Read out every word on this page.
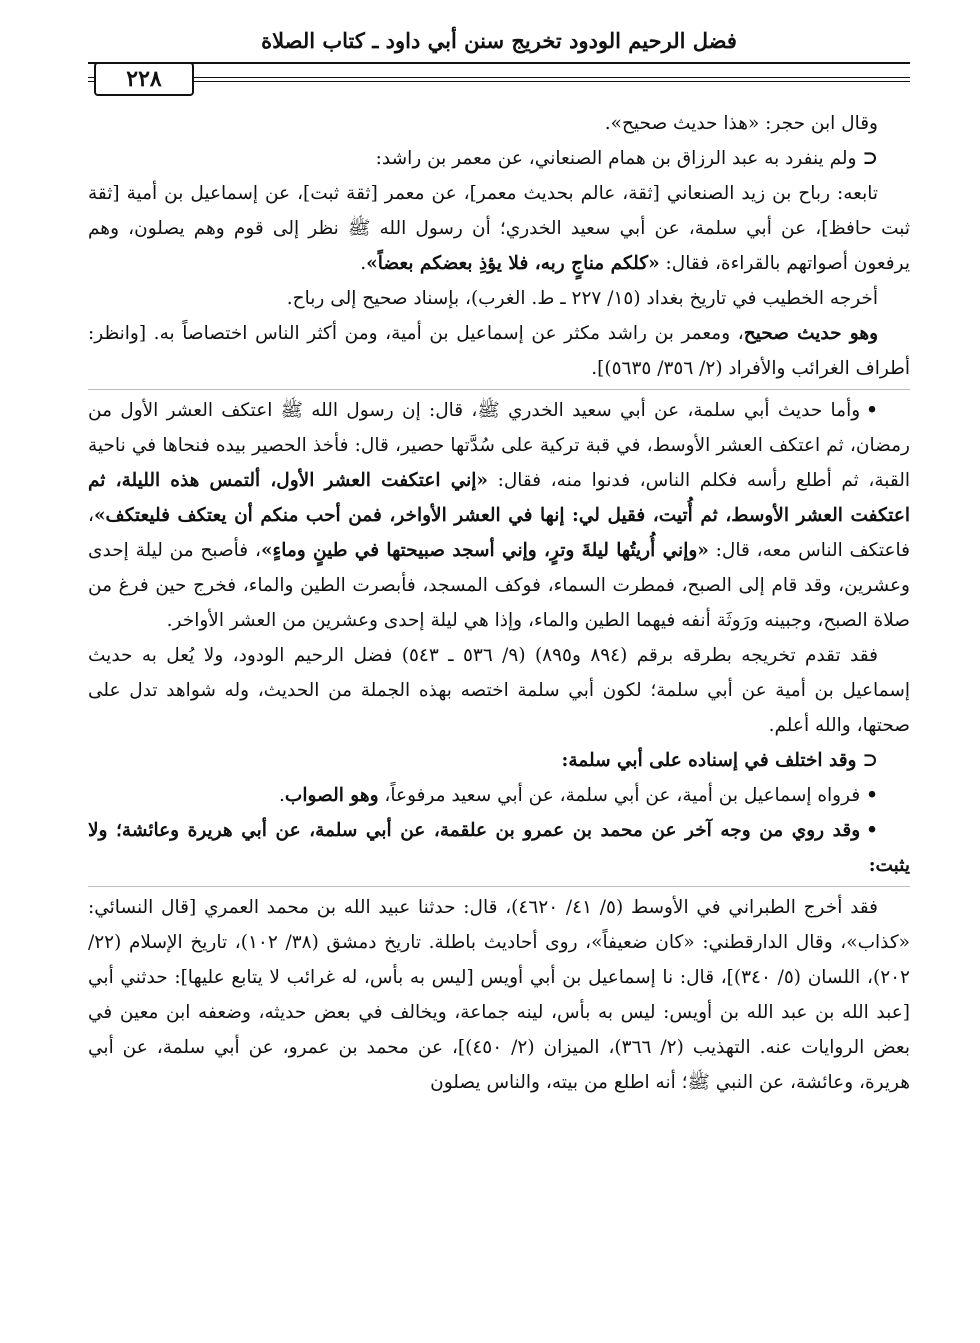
فضل الرحيم الودود تخريج سنن أبي داود ـ كتاب الصلاة
٢٢٨

وقال ابن حجر: «هذا حديث صحيح».

⊂ولم ينفرد به عبد الرزاق بن همام الصنعاني، عن معمر بن راشد:

تابعه: رباح بن زيد الصنعاني [ثقة، عالم بحديث معمر]، عن معمر [ثقة ثبت]، عن إسماعيل بن أمية [ثقة ثبت حافظ]، عن أبي سلمة، عن أبي سعيد الخدري؛ أن رسول الله ﷺ نظر إلى قوم وهم يصلون، وهم يرفعون أصواتهم بالقراءة، فقال: «كلكم مناجٍ ربه، فلا يؤذِ بعضكم بعضاً».

أخرجه الخطيب في تاريخ بغداد (١٥/ ٢٢٧ ـ ط. الغرب)، بإسناد صحيح إلى رباح.

وهو حديث صحيح، ومعمر بن راشد مكثر عن إسماعيل بن أمية، ومن أكثر الناس اختصاصاً به. [وانظر: أطراف الغرائب والأفراد (٢/ ٣٥٦/ ٥٦٣٥)].

•وأما حديث أبي سلمة، عن أبي سعيد الخدري ﷺ، قال: إن رسول الله ﷺ اعتكف العشر الأول من رمضان، ثم اعتكف العشر الأوسط، في قبة تركية على سُدَّتها حصير، قال: فأخذ الحصير بيده فنحاها في ناحية القبة، ثم أطلع رأسه فكلم الناس، فدنوا منه، فقال: «إني اعتكفت العشر الأول، ألتمس هذه الليلة، ثم اعتكفت العشر الأوسط، ثم أُتيت، فقيل لي: إنها في العشر الأواخر، فمن أحب منكم أن يعتكف فليعتكف»، فاعتكف الناس معه، قال: «وإني أُريتُها ليلةَ وترٍ، وإني أسجد صبيحتها في طينٍ وماءٍ»، فأصبح من ليلة إحدى وعشرين، وقد قام إلى الصبح، فمطرت السماء، فوكف المسجد، فأبصرت الطين والماء، فخرج حين فرغ من صلاة الصبح، وجبينه ورَوثَة أنفه فيهما الطين والماء، وإذا هي ليلة إحدى وعشرين من العشر الأواخر.

فقد تقدم تخريجه بطرقه برقم (٨٩٤ و٨٩٥) (٩/ ٥٣٦ ـ ٥٤٣) فضل الرحيم الودود، ولا يُعل به حديث إسماعيل بن أمية عن أبي سلمة؛ لكون أبي سلمة اختصه بهذه الجملة من الحديث، وله شواهد تدل على صحتها، والله أعلم.

⊂وقد اختلف في إسناده على أبي سلمة:

•فرواه إسماعيل بن أمية، عن أبي سلمة، عن أبي سعيد مرفوعاً، وهو الصواب.

•وقد روي من وجه آخر عن محمد بن عمرو بن علقمة، عن أبي سلمة، عن أبي هريرة وعائشة؛ ولا يثبت:

فقد أخرج الطبراني في الأوسط (٥/ ٤١/ ٤٦٢٠)، قال: حدثنا عبيد الله بن محمد العمري [قال النسائي: «كذاب»، وقال الدارقطني: «كان ضعيفاً»، روى أحاديث باطلة. تاريخ دمشق (٣٨/ ١٠٢)، تاريخ الإسلام (٢٢/ ٢٠٢)، اللسان (٥/ ٣٤٠)]، قال: نا إسماعيل بن أبي أويس [ليس به بأس، له غرائب لا يتابع عليها]: حدثني أبي [عبد الله بن عبد الله بن أويس: ليس به بأس، لينه جماعة، ويخالف في بعض حديثه، وضعفه ابن معين في بعض الروايات عنه. التهذيب (٢/ ٣٦٦)، الميزان (٢/ ٤٥٠)]، عن محمد بن عمرو، عن أبي سلمة، عن أبي هريرة، وعائشة، عن النبي ﷺ؛ أنه اطلع من بيته، والناس يصلون
